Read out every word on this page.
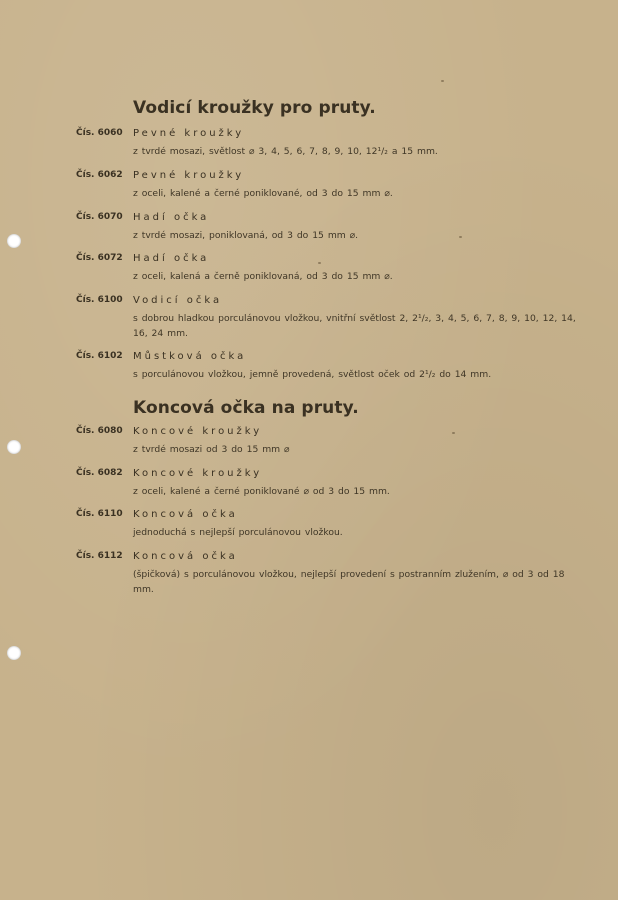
Vodicí kroužky pro pruty.
Čís. 6060	Pevné kroužky
z tvrdé mosazi, světlost ⌀ 3, 4, 5, 6, 7, 8, 9, 10, 12¹/₂ a 15 mm.
Čís. 6062	Pevné kroužky
z oceli, kalené a černé poniklované, od 3 do 15 mm ⌀.
Čís. 6070	Hadí očka
z tvrdé mosazi, poniklovaná, od 3 do 15 mm ⌀.
Čís. 6072	Hadí očka
z oceli, kalená a černě poniklovaná, od 3 do 15 mm ⌀.
Čís. 6100	Vodicí očka
s dobrou hladkou porculánovou vložkou, vnitřní světlost 2, 2¹/₂, 3, 4, 5, 6, 7, 8, 9, 10, 12, 14, 16, 24 mm.
Čís. 6102	Můstková očka
s porculánovou vložkou, jemně provedená, světlost oček od 2¹/₂ do 14 mm.
Koncová očka na pruty.
Čís. 6080	Koncové kroužky
z tvrdé mosazi od 3 do 15 mm ⌀
Čís. 6082	Koncové kroužky
z oceli, kalené a černé poniklované ⌀ od 3 do 15 mm.
Čís. 6110	Koncová očka
jednoduchá s nejlepší porculánovou vložkou.
Čís. 6112	Koncová očka
(špičková) s porculánovou vložkou, nejlepší provedení s postranním zlužením, ⌀ od 3 od 18 mm.
